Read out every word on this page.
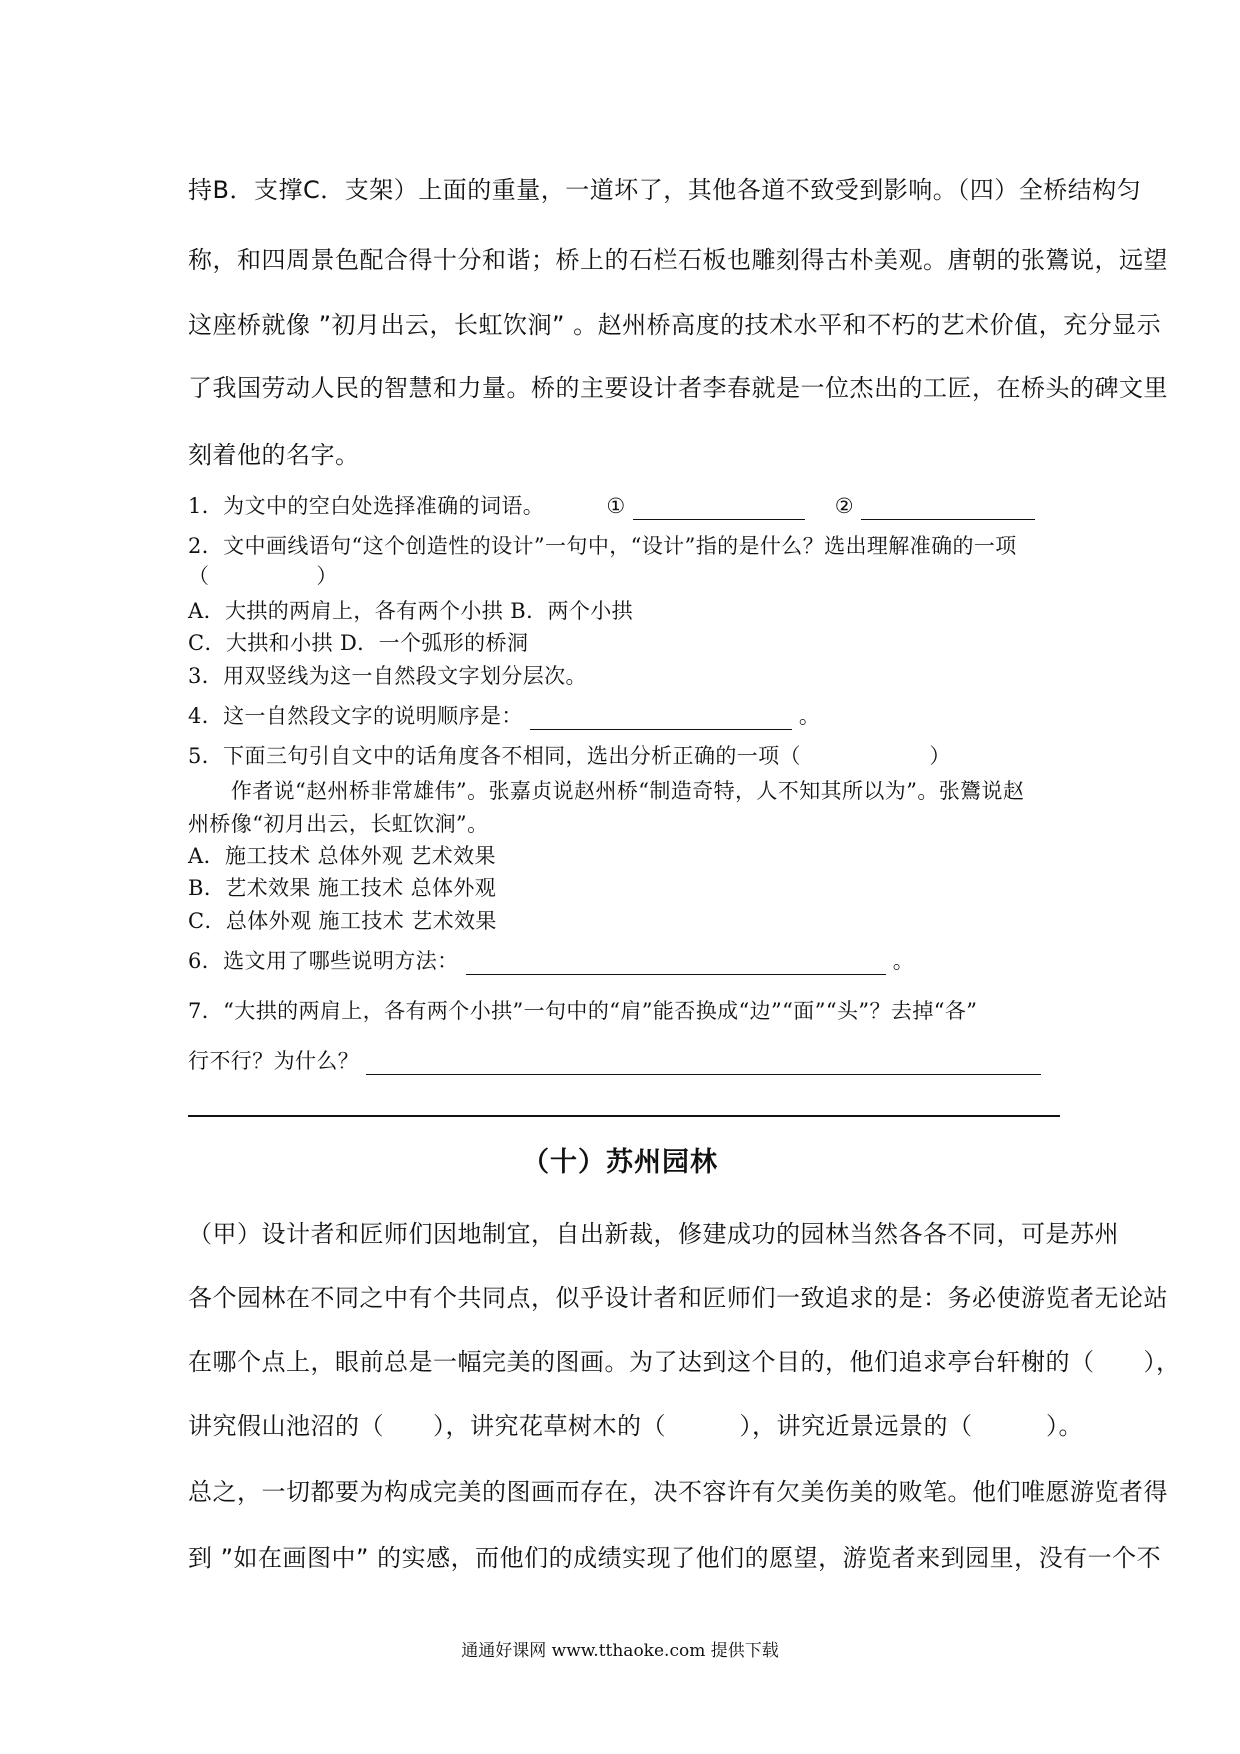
持B．支撑C．支架）上面的重量，一道坏了，其他各道不致受到影响。（四）全桥结构匀
称，和四周景色配合得十分和谐；桥上的石栏石板也雕刻得古朴美观。唐朝的张鷟说，远望
这座桥就像 ”初月出云，长虹饮涧” 。赵州桥高度的技术水平和不朽的艺术价值，充分显示
了我国劳动人民的智慧和力量。桥的主要设计者李春就是一位杰出的工匠，在桥头的碑文里
刻着他的名字。
1．为文中的空白处选择准确的词语。	①	②
2．文中画线语句“这个创造性的设计”一句中，“设计”指的是什么？选出理解准确的一项
（　　　　　）
A．大拱的两肩上，各有两个小拱 B．两个小拱
C．大拱和小拱 D．一个弧形的桥洞
3．用双竖线为这一自然段文字划分层次。
4．这一自然段文字的说明顺序是：	。
5．下面三句引自文中的话角度各不相同，选出分析正确的一项（　　　　　　）
　　作者说“赵州桥非常雄伟”。张嘉贞说赵州桥“制造奇特，人不知其所以为”。张鷟说赵
州桥像“初月出云，长虹饮涧”。
A．施工技术 总体外观 艺术效果
B．艺术效果 施工技术 总体外观
C．总体外观 施工技术 艺术效果
6．选文用了哪些说明方法：	。
7．“大拱的两肩上，各有两个小拱”一句中的“肩”能否换成“边”“面”“头”？去掉“各”
行不行？为什么？
（十）苏州园林
（甲）设计者和匠师们因地制宜，自出新裁，修建成功的园林当然各各不同，可是苏州
各个园林在不同之中有个共同点，似乎设计者和匠师们一致追求的是：务必使游览者无论站
在哪个点上，眼前总是一幅完美的图画。为了达到这个目的，他们追求亭台轩榭的（　　），
讲究假山池沼的（　　），讲究花草树木的（　　　），讲究近景远景的（　　　）。
总之，一切都要为构成完美的图画而存在，决不容许有欠美伤美的败笔。他们唯愿游览者得
到 ”如在画图中” 的实感，而他们的成绩实现了他们的愿望，游览者来到园里，没有一个不
通通好课网 www.tthaoke.com 提供下载
